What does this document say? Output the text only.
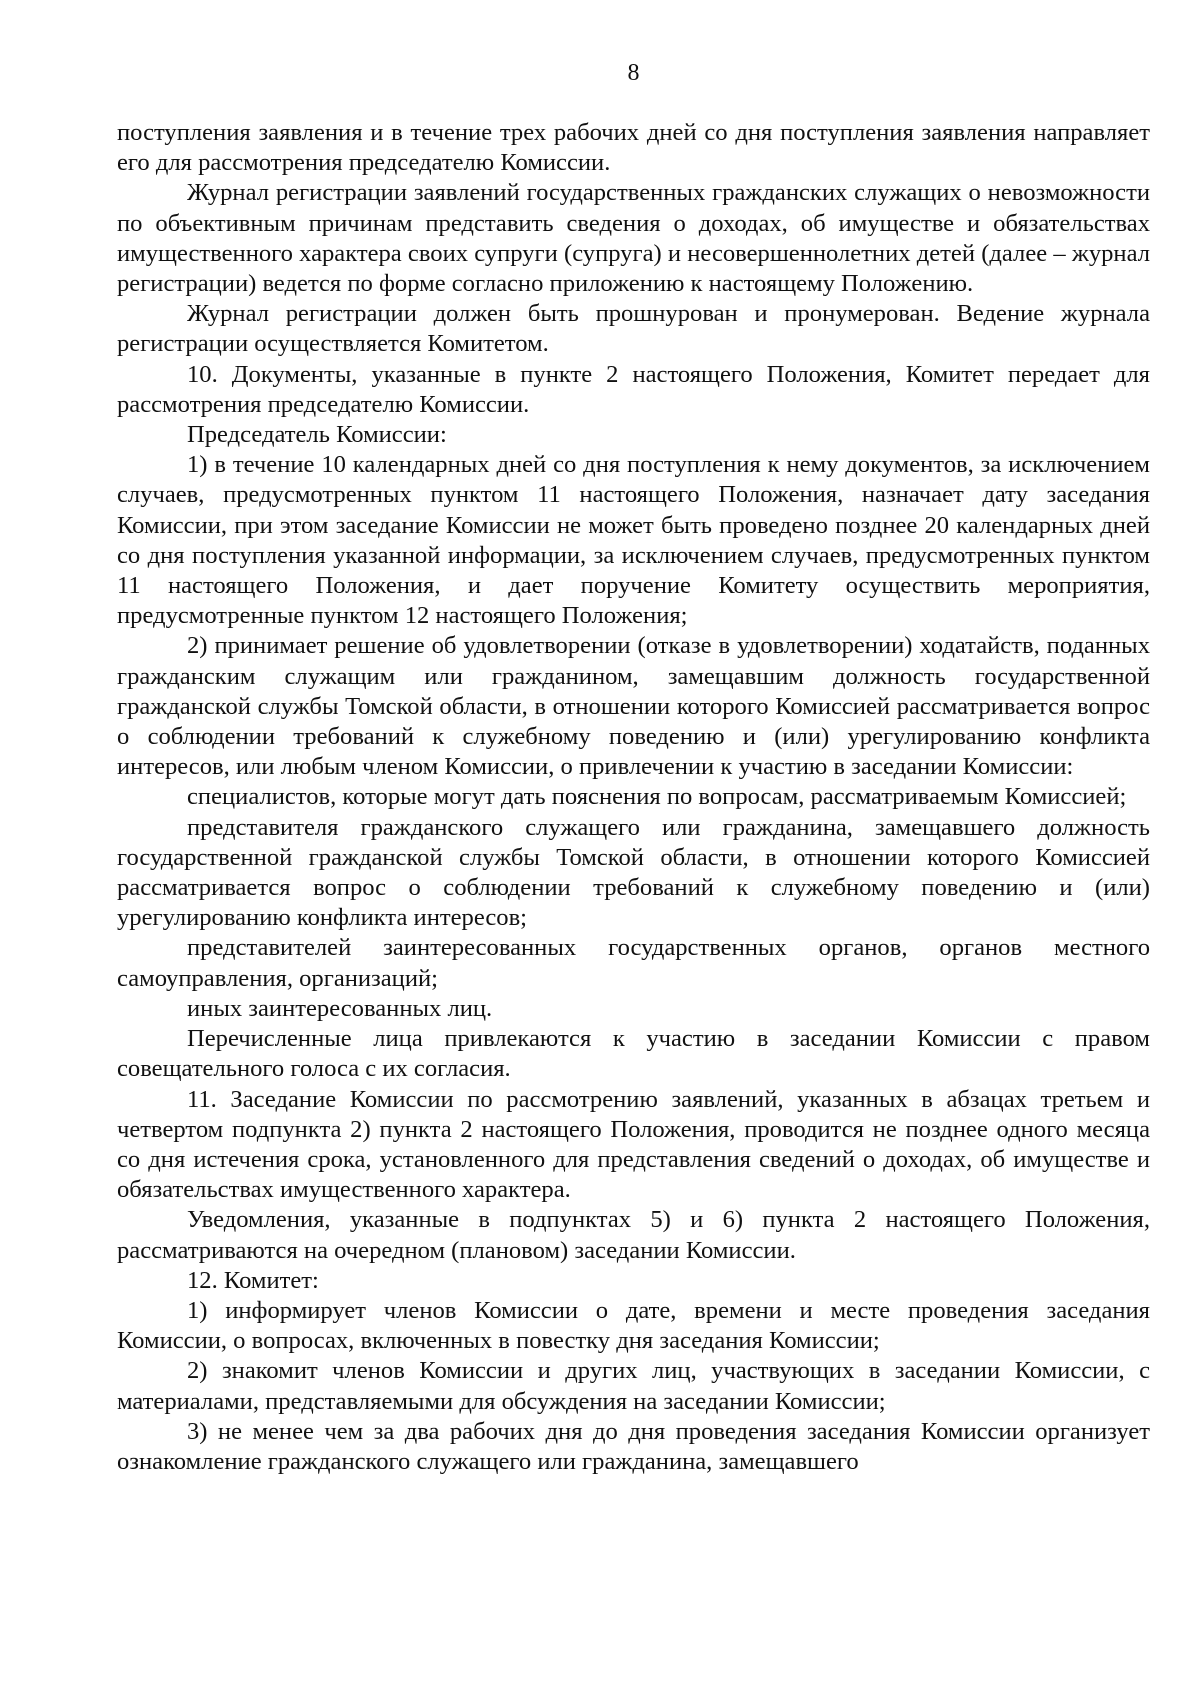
8

поступления заявления и в течение трех рабочих дней со дня поступления заявления направляет его для рассмотрения председателю Комиссии.

Журнал регистрации заявлений государственных гражданских служащих о невозможности по объективным причинам представить сведения о доходах, об имуществе и обязательствах имущественного характера своих супруги (супруга) и несовершеннолетних детей (далее – журнал регистрации) ведется по форме согласно приложению к настоящему Положению.

Журнал регистрации должен быть прошнурован и пронумерован. Ведение журнала регистрации осуществляется Комитетом.

10. Документы, указанные в пункте 2 настоящего Положения, Комитет передает для рассмотрения председателю Комиссии.

Председатель Комиссии:

1) в течение 10 календарных дней со дня поступления к нему документов, за исключением случаев, предусмотренных пунктом 11 настоящего Положения, назначает дату заседания Комиссии, при этом заседание Комиссии не может быть проведено позднее 20 календарных дней со дня поступления указанной информации, за исключением случаев, предусмотренных пунктом 11 настоящего Положения, и дает поручение Комитету осуществить мероприятия, предусмотренные пунктом 12 настоящего Положения;

2) принимает решение об удовлетворении (отказе в удовлетворении) ходатайств, поданных гражданским служащим или гражданином, замещавшим должность государственной гражданской службы Томской области, в отношении которого Комиссией рассматривается вопрос о соблюдении требований к служебному поведению и (или) урегулированию конфликта интересов, или любым членом Комиссии, о привлечении к участию в заседании Комиссии:

специалистов, которые могут дать пояснения по вопросам, рассматриваемым Комиссией;

представителя гражданского служащего или гражданина, замещавшего должность государственной гражданской службы Томской области, в отношении которого Комиссией рассматривается вопрос о соблюдении требований к служебному поведению и (или) урегулированию конфликта интересов;

представителей заинтересованных государственных органов, органов местного самоуправления, организаций;

иных заинтересованных лиц.

Перечисленные лица привлекаются к участию в заседании Комиссии с правом совещательного голоса с их согласия.

11. Заседание Комиссии по рассмотрению заявлений, указанных в абзацах третьем и четвертом подпункта 2) пункта 2 настоящего Положения, проводится не позднее одного месяца со дня истечения срока, установленного для представления сведений о доходах, об имуществе и обязательствах имущественного характера.

Уведомления, указанные в подпунктах 5) и 6) пункта 2 настоящего Положения, рассматриваются на очередном (плановом) заседании Комиссии.

12. Комитет:

1) информирует членов Комиссии о дате, времени и месте проведения заседания Комиссии, о вопросах, включенных в повестку дня заседания Комиссии;

2) знакомит членов Комиссии и других лиц, участвующих в заседании Комиссии, с материалами, представляемыми для обсуждения на заседании Комиссии;

3) не менее чем за два рабочих дня до дня проведения заседания Комиссии организует ознакомление гражданского служащего или гражданина, замещавшего
